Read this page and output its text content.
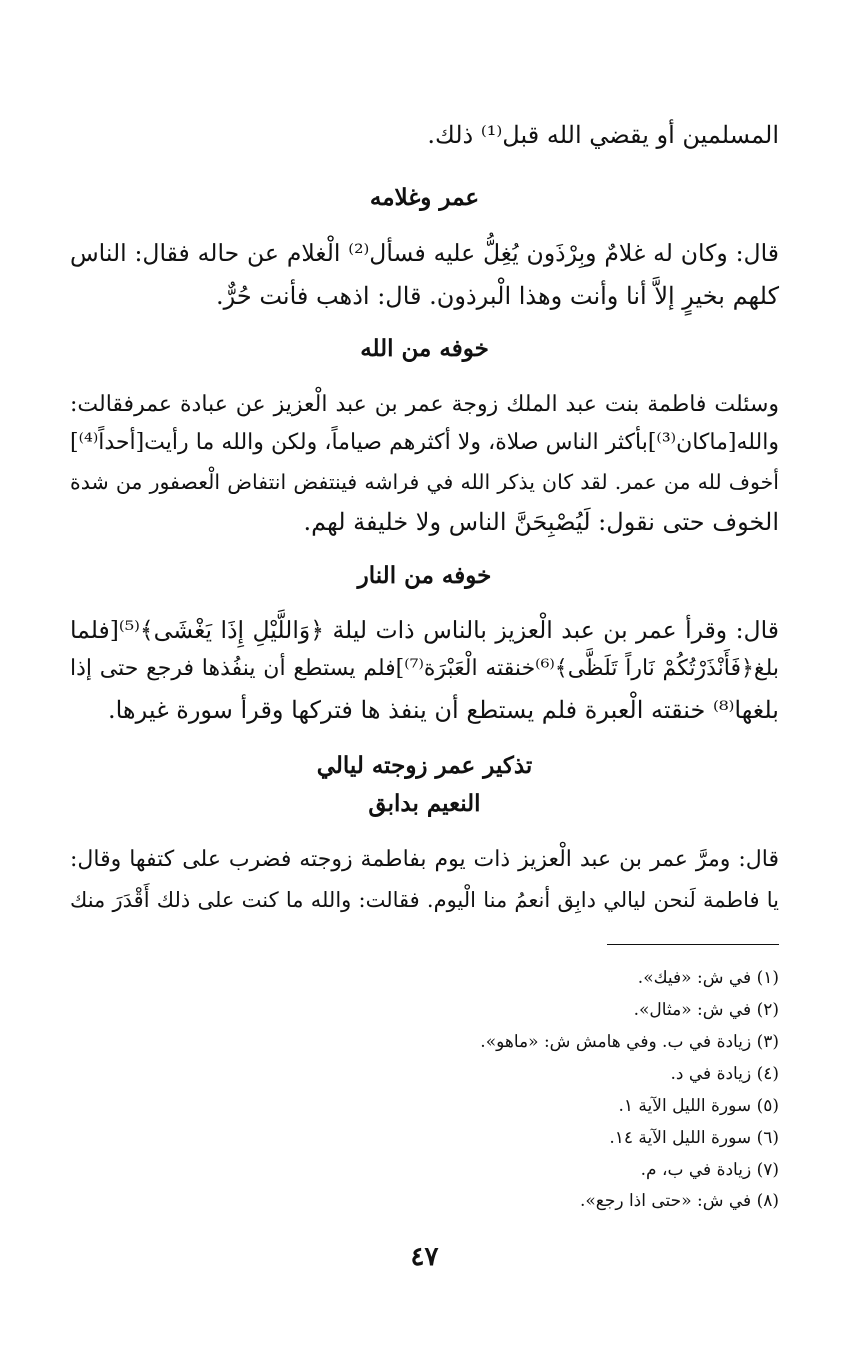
المسلمين أو يقضي الله قبل⁽¹⁾ ذلك.
عمر وغلامه
قال: وكان له غلامٌ وبِرْذَون يُغِلُّ عليه فسأل⁽²⁾ الْغلام عن حاله فقال: الناس
كلهم بخيرٍ إلاَّ أنا وأنت وهذا الْبرذون. قال: اذهب فأنت حُرٌّ.
خوفه من الله
وسئلت فاطمة بنت عبد الملك زوجة عمر بن عبد الْعزيز عن عبادة عمرفقالت:
والله[ماكان⁽³⁾]بأكثر الناس صلاة، ولا أكثرهم صياماً، ولكن والله ما رأيت[أحداً⁽⁴⁾]
أخوف لله من عمر. لقد كان يذكر الله في فراشه فينتفض انتفاض الْعصفور من شدة
الخوف حتى نقول: لَيُصْبِحَنَّ الناس ولا خليفة لهم.
خوفه من النار
قال: وقرأ عمر بن عبد الْعزيز بالناس ذات ليلة ﴿وَاللَّيْلِ إِذَا يَغْشَى﴾⁽⁵⁾[فلما
بلغ﴿فَأَنْذَرْتُكُمْ نَاراً تَلَظَّى﴾⁽⁶⁾خنقته الْعَبْرَة⁽⁷⁾]فلم يستطع أن ينفُذها فرجع حتى إذا
بلغها⁽⁸⁾ خنقته الْعبرة فلم يستطع أن ينفذ ها فتركها وقرأ سورة غيرها.
تذكير عمر زوجته ليالي
النعيم بدابق
قال: ومرَّ عمر بن عبد الْعزيز ذات يوم بفاطمة زوجته فضرب على كتفها وقال:
يا فاطمة لَنحن ليالي دابِق أنعمُ منا الْيوم. فقالت: والله ما كنت على ذلك أَقْدَرَ منك
(١) في ش: «فيك».
(٢) في ش: «مثال».
(٣) زيادة في ب. وفي هامش ش: «ماهو».
(٤) زيادة في د.
(٥) سورة الليل الآية ١.
(٦) سورة الليل الآية ١٤.
(٧) زيادة في ب، م.
(٨) في ش: «حتى اذا رجع».
٤٧
